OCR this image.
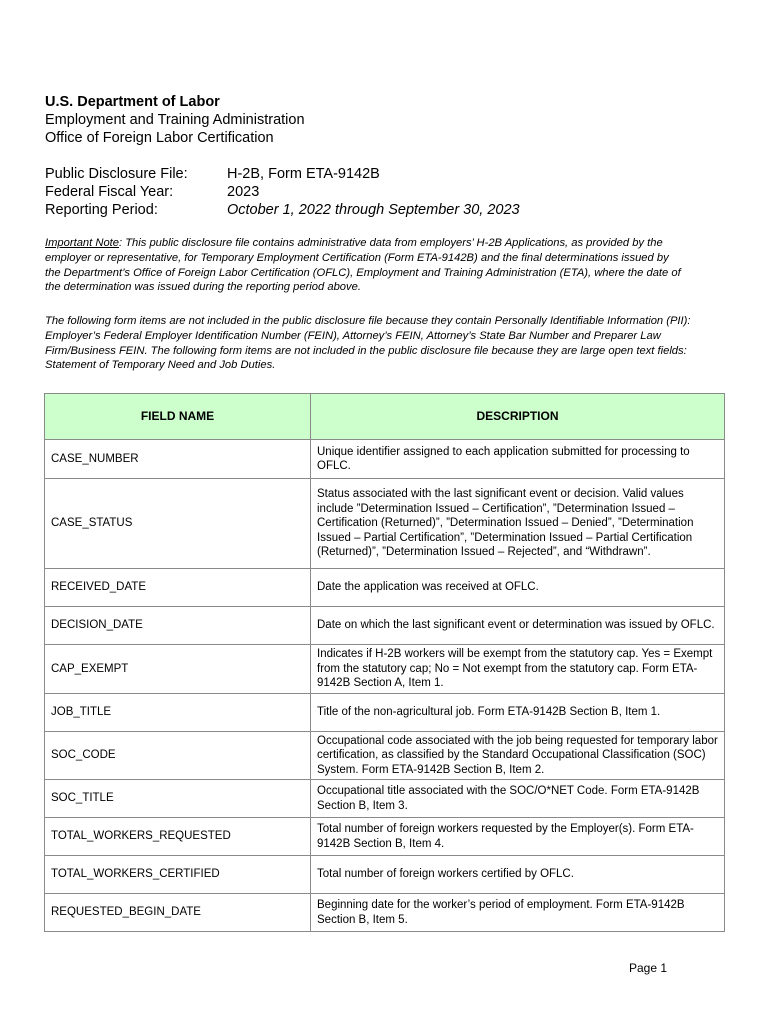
U.S. Department of Labor
Employment and Training Administration
Office of Foreign Labor Certification
Public Disclosure File:	H-2B, Form ETA-9142B
Federal Fiscal Year:	2023
Reporting Period:	October 1, 2022 through September 30, 2023
Important Note: This public disclosure file contains administrative data from employers’ H-2B Applications, as provided by the employer or representative, for Temporary Employment Certification (Form ETA-9142B) and the final determinations issued by the Department’s Office of Foreign Labor Certification (OFLC), Employment and Training Administration (ETA), where the date of the determination was issued during the reporting period above.
The following form items are not included in the public disclosure file because they contain Personally Identifiable Information (PII): Employer’s Federal Employer Identification Number (FEIN), Attorney’s FEIN, Attorney’s State Bar Number and Preparer Law Firm/Business FEIN. The following form items are not included in the public disclosure file because they are large open text fields: Statement of Temporary Need and Job Duties.
FIELD NAME	DESCRIPTION
CASE_NUMBER	Unique identifier assigned to each application submitted for processing to OFLC.
CASE_STATUS	Status associated with the last significant event or decision. Valid values include ”Determination Issued – Certification”, ”Determination Issued – Certification (Returned)”, ”Determination Issued – Denied”, ”Determination Issued – Partial Certification”, ”Determination Issued – Partial Certification (Returned)”, ”Determination Issued – Rejected”, and “Withdrawn”.
RECEIVED_DATE	Date the application was received at OFLC.
DECISION_DATE	Date on which the last significant event or determination was issued by OFLC.
CAP_EXEMPT	Indicates if H-2B workers will be exempt from the statutory cap. Yes = Exempt from the statutory cap; No = Not exempt from the statutory cap. Form ETA-9142B Section A, Item 1.
JOB_TITLE	Title of the non-agricultural job. Form ETA-9142B Section B, Item 1.
SOC_CODE	Occupational code associated with the job being requested for temporary labor certification, as classified by the Standard Occupational Classification (SOC) System. Form ETA-9142B Section B, Item 2.
SOC_TITLE	Occupational title associated with the SOC/O*NET Code. Form ETA-9142B Section B, Item 3.
TOTAL_WORKERS_REQUESTED	Total number of foreign workers requested by the Employer(s). Form ETA-9142B Section B, Item 4.
TOTAL_WORKERS_CERTIFIED	Total number of foreign workers certified by OFLC.
REQUESTED_BEGIN_DATE	Beginning date for the worker’s period of employment. Form ETA-9142B Section B, Item 5.
Page 1
